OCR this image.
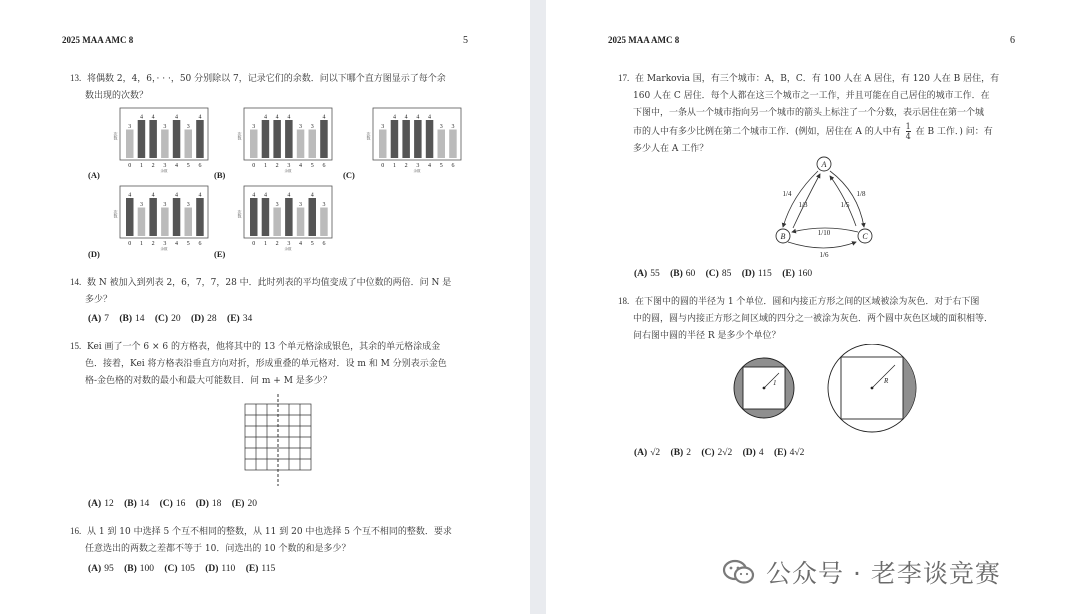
2025 MAA AMC 8	5
13. 将偶数 2，4，6，· · ·，50 分别除以 7，记录它们的余数．问以下哪个直方图显示了每个余
数出现的次数？
次数
3
0
4
1
4
2
3
3
4
4
3
5
4
6
余数
(A)
次数
3
0
4
1
4
2
4
3
3
4
3
5
4
6
余数
(B)
次数
3
0
4
1
4
2
4
3
4
4
3
5
3
6
余数
(C)
次数
4
0
3
1
4
2
3
3
4
4
3
5
4
6
余数
(D)
次数
4
0
4
1
3
2
4
3
3
4
4
5
3
6
余数
(E)
14. 数 N 被加入到列表 2，6，7，7，28 中．此时列表的平均值变成了中位数的两倍．问 N 是
多少？
(A) 7 (B) 14 (C) 20 (D) 28 (E) 34
15. Kei 画了一个 6 × 6 的方格表，他将其中的 13 个单元格涂成银色，其余的单元格涂成金
色．接着，Kei 将方格表沿垂直方向对折，形成重叠的单元格对．设 m 和 M 分别表示金色
格-金色格的对数的最小和最大可能数目．问 m + M 是多少？
(A) 12 (B) 14 (C) 16 (D) 18 (E) 20
16. 从 1 到 10 中选择 5 个互不相同的整数，从 11 到 20 中也选择 5 个互不相同的整数．要求
任意选出的两数之差都不等于 10．问选出的 10 个数的和是多少？
(A) 95 (B) 100 (C) 105 (D) 110 (E) 115
2025 MAA AMC 8	6
17. 在 Markovia 国，有三个城市：A，B，C．有 100 人在 A 居住，有 120 人在 B 居住，有
160 人在 C 居住．每个人都在这三个城市之一工作，并且可能在自己居住的城市工作．在
下图中，一条从一个城市指向另一个城市的箭头上标注了一个分数，表示居住在第一个城
市的人中有多少比例在第二个城市工作．(例如，居住在 A 的人中有 $\frac{1}{4}$ 在 B 工作．) 问：有
多少人在 A 工作？
A
B	C
1/4
1/3
1/8
1/5
1/10
1/6
(A) 55 (B) 60 (C) 85 (D) 115 (E) 160
18. 在下图中的圆的半径为 1 个单位．圆和内接正方形之间的区域被涂为灰色．对于右下图
中的圆，圆与内接正方形之间区域的四分之一被涂为灰色．两个圆中灰色区域的面积相等．
问右图中圆的半径 R 是多少个单位？
1	R
(A) √2 (B) 2 (C) 2√2 (D) 4 (E) 4√2
公众号 · 老李谈竞赛
